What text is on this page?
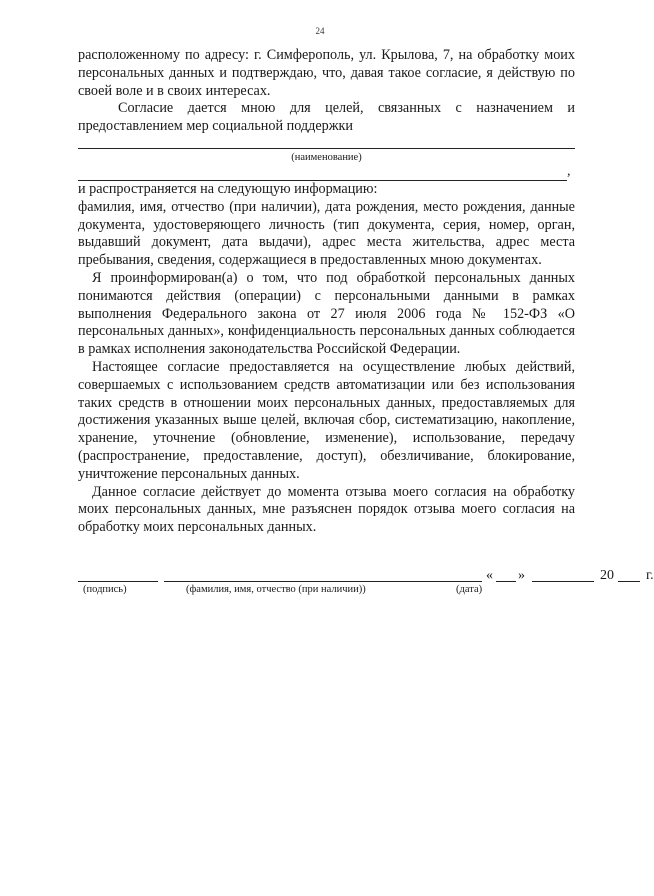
24

расположенному по адресу: г. Симферополь, ул. Крылова, 7, на обработку моих персональных данных и подтверждаю, что, давая такое согласие, я действую по своей воле и в своих интересах.

Согласие дается мною для целей, связанных с назначением и предоставлением мер социальной поддержки

(наименование)
,

и распространяется на следующую информацию:

фамилия, имя, отчество (при наличии), дата рождения, место рождения, данные документа, удостоверяющего личность (тип документа, серия, номер, орган, выдавший документ, дата выдачи), адрес места жительства, адрес места пребывания, сведения, содержащиеся в предоставленных мною документах.

Я проинформирован(а) о том, что под обработкой персональных данных понимаются действия (операции) с персональными данными в рамках выполнения Федерального закона от 27 июля 2006 года № 152-ФЗ «О персональных данных», конфиденциальность персональных данных соблюдается в рамках исполнения законодательства Российской Федерации.

Настоящее согласие предоставляется на осуществление любых действий, совершаемых с использованием средств автоматизации или без использования таких средств в отношении моих персональных данных, предоставляемых для достижения указанных выше целей, включая сбор, систематизацию, накопление, хранение, уточнение (обновление, изменение), использование, передачу (распространение, предоставление, доступ), обезличивание, блокирование, уничтожение персональных данных.

Данное согласие действует до момента отзыва моего согласия на обработку моих персональных данных, мне разъяснен порядок отзыва моего согласия на обработку моих персональных данных.

« »	20 г.
(подпись)	(фамилия, имя, отчество (при наличии))	(дата)
